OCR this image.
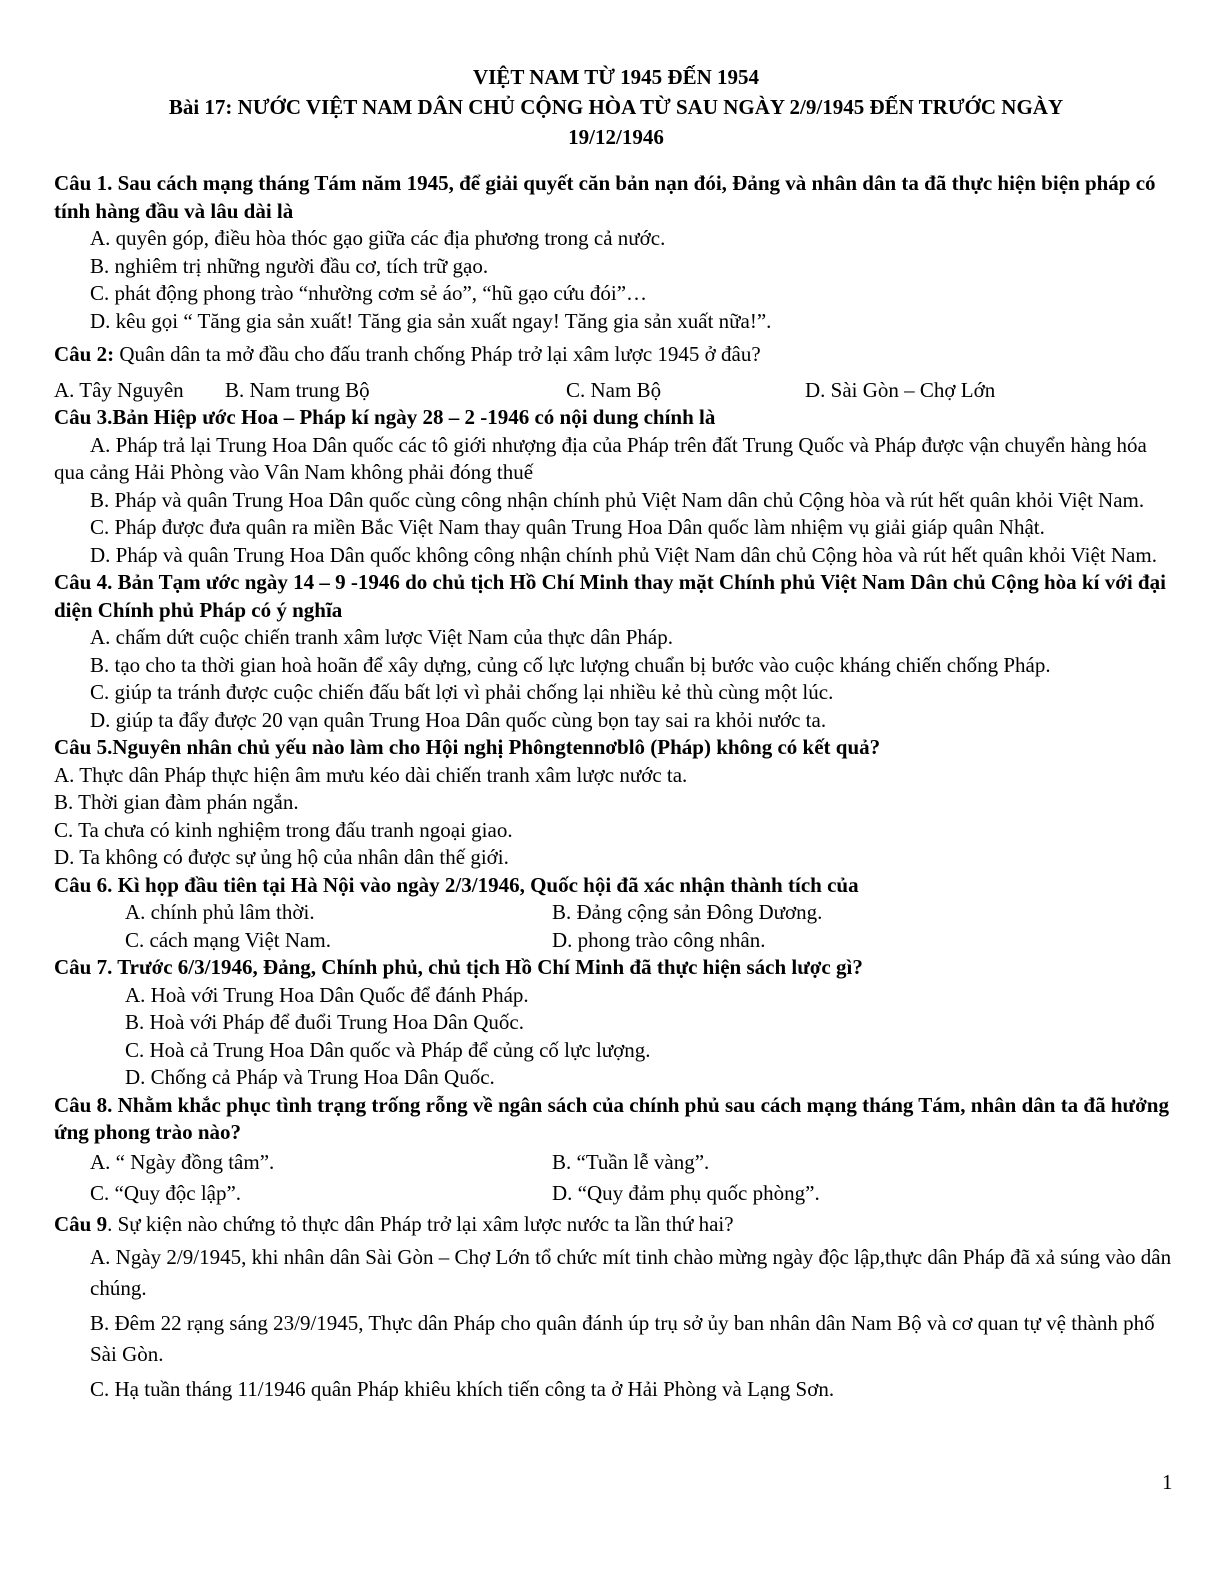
VIỆT NAM TỪ 1945 ĐẾN 1954

Bài 17: NƯỚC VIỆT NAM DÂN CHỦ CỘNG HÒA TỪ SAU NGÀY 2/9/1945 ĐẾN TRƯỚC NGÀY

19/12/1946

Câu 1. Sau cách mạng tháng Tám năm 1945, để giải quyết căn bản nạn đói, Đảng và nhân dân ta đã thực hiện biện pháp có tính hàng đầu và lâu dài là

A. quyên góp, điều hòa thóc gạo giữa các địa phương trong cả nước.

B. nghiêm trị những người đầu cơ, tích trữ gạo.

C. phát động phong trào “nhường cơm sẻ áo”, “hũ gạo cứu đói”…

D. kêu gọi “ Tăng gia sản xuất! Tăng gia sản xuất ngay! Tăng gia sản xuất nữa!”.

Câu 2: Quân dân ta mở đầu cho đấu tranh chống Pháp trở lại xâm lược 1945 ở đâu?

A. Tây Nguyên B. Nam trung Bộ	C. Nam Bộ	D. Sài Gòn – Chợ Lớn

Câu 3.Bản Hiệp ước Hoa – Pháp kí ngày 28 – 2 -1946 có nội dung chính là

A. Pháp trả lại Trung Hoa Dân quốc các tô giới nhượng địa của Pháp trên đất Trung Quốc và Pháp được vận chuyển hàng hóa qua cảng Hải Phòng vào Vân Nam không phải đóng thuế

B. Pháp và quân Trung Hoa Dân quốc cùng công nhận chính phủ Việt Nam dân chủ Cộng hòa và rút hết quân khỏi Việt Nam.

C. Pháp được đưa quân ra miền Bắc Việt Nam thay quân Trung Hoa Dân quốc làm nhiệm vụ giải giáp quân Nhật.

D. Pháp và quân Trung Hoa Dân quốc không công nhận chính phủ Việt Nam dân chủ Cộng hòa và rút hết quân khỏi Việt Nam.

Câu 4. Bản Tạm ước ngày 14 – 9 -1946 do chủ tịch Hồ Chí Minh thay mặt Chính phủ Việt Nam Dân chủ Cộng hòa kí với đại diện Chính phủ Pháp có ý nghĩa

A. chấm dứt cuộc chiến tranh xâm lược Việt Nam của thực dân Pháp.

B. tạo cho ta thời gian hoà hoãn để xây dựng, củng cố lực lượng chuẩn bị bước vào cuộc kháng chiến chống Pháp.

C. giúp ta tránh được cuộc chiến đấu bất lợi vì phải chống lại nhiều kẻ thù cùng một lúc.

D. giúp ta đẩy được 20 vạn quân Trung Hoa Dân quốc cùng bọn tay sai ra khỏi nước ta.

Câu 5.Nguyên nhân chủ yếu nào làm cho Hội nghị Phôngtennơblô (Pháp) không có kết quả?

A. Thực dân Pháp thực hiện âm mưu kéo dài chiến tranh xâm lược nước ta.

B. Thời gian đàm phán ngắn.

C. Ta chưa có kinh nghiệm trong đấu tranh ngoại giao.

D. Ta không có được sự ủng hộ của nhân dân thế giới.

Câu 6. Kì họp đầu tiên tại Hà Nội vào ngày 2/3/1946, Quốc hội đã xác nhận thành tích của

A. chính phủ lâm thời.	B. Đảng cộng sản Đông Dương.
C. cách mạng Việt Nam.	D. phong trào công nhân.

Câu 7. Trước 6/3/1946, Đảng, Chính phủ, chủ tịch Hồ Chí Minh đã thực hiện sách lược gì?

A. Hoà với Trung Hoa Dân Quốc để đánh Pháp.

B. Hoà với Pháp để đuổi Trung Hoa Dân Quốc.

C. Hoà cả Trung Hoa Dân quốc và Pháp để củng cố lực lượng.

D. Chống cả Pháp và Trung Hoa Dân Quốc.

Câu 8. Nhằm khắc phục tình trạng trống rỗng về ngân sách của chính phủ sau cách mạng tháng Tám, nhân dân ta đã hưởng ứng phong trào nào?

A. “ Ngày đồng tâm”.	B. “Tuần lễ vàng”.
C. “Quy độc lập”.	D. “Quy đảm phụ quốc phòng”.

Câu 9. Sự kiện nào chứng tỏ thực dân Pháp trở lại xâm lược nước ta lần thứ hai?

A. Ngày 2/9/1945, khi nhân dân Sài Gòn – Chợ Lớn tổ chức mít tinh chào mừng ngày độc lập,thực dân Pháp đã xả súng vào dân chúng.

B. Đêm 22 rạng sáng 23/9/1945, Thực dân Pháp cho quân đánh úp trụ sở ủy ban nhân dân Nam Bộ và cơ quan tự vệ thành phố Sài Gòn.

C. Hạ tuần tháng 11/1946 quân Pháp khiêu khích tiến công ta ở Hải Phòng và Lạng Sơn.

1
